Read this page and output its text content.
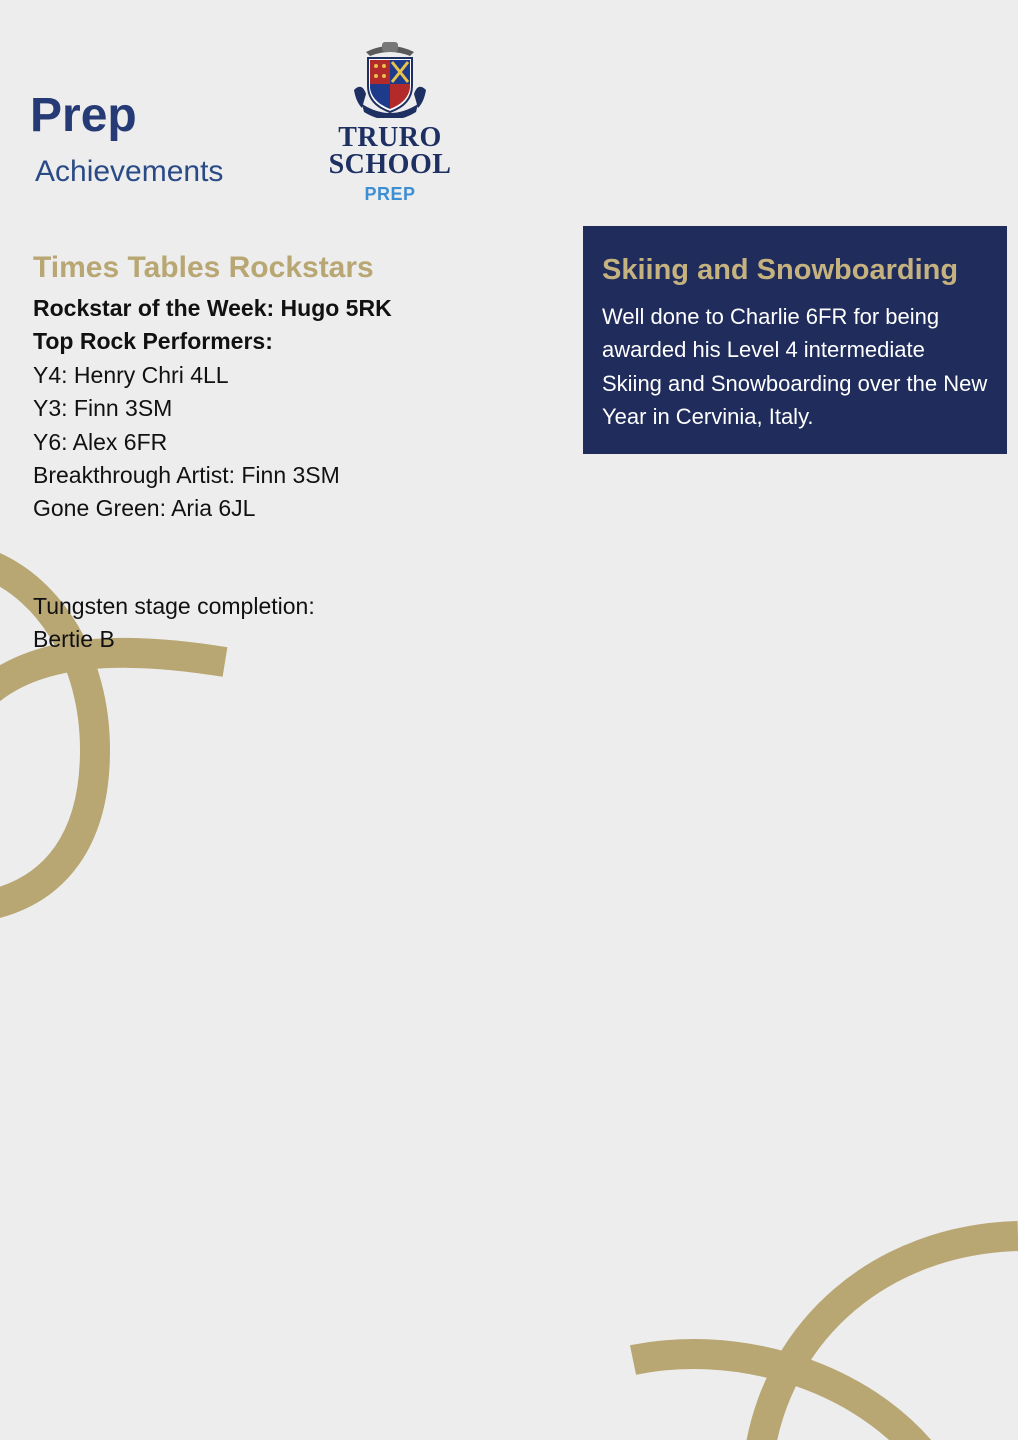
Prep
Achievements
TRURO
SCHOOL
PREP
Times Tables Rockstars

Rockstar of the Week: Hugo 5RK

Top Rock Performers:

Y4: Henry Chri 4LL

Y3: Finn 3SM

Y6: Alex 6FR

Breakthrough Artist: Finn 3SM

Gone Green: Aria 6JL

Tungsten stage completion:

Bertie B

Skiing and Snowboarding

Well done to Charlie 6FR for being awarded his Level 4 intermediate Skiing and Snowboarding over the New Year in Cervinia, Italy.
